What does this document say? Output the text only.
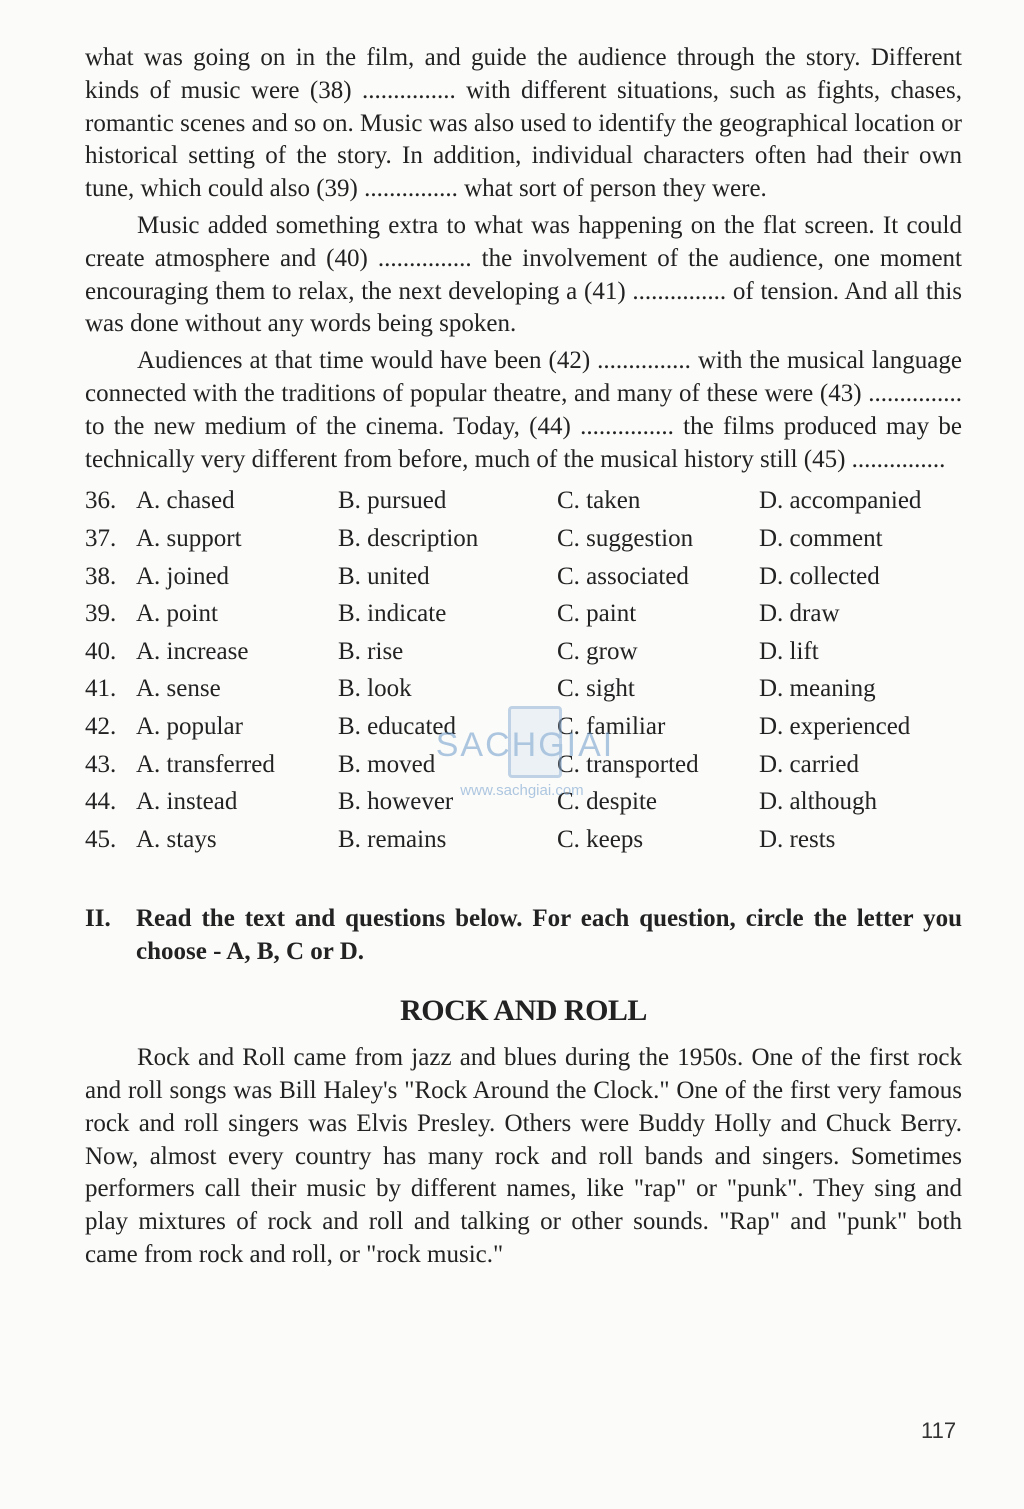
what was going on in the film, and guide the audience through the story. Different kinds of music were (38) ............... with different situations, such as fights, chases, romantic scenes and so on. Music was also used to identify the geographical location or historical setting of the story. In addition, individual characters often had their own tune, which could also (39) ............... what sort of person they were.

Music added something extra to what was happening on the flat screen. It could create atmosphere and (40) ............... the involvement of the audience, one moment encouraging them to relax, the next developing a (41) ............... of tension. And all this was done without any words being spoken.

Audiences at that time would have been (42) ............... with the musical language connected with the traditions of popular theatre, and many of these were (43) ............... to the new medium of the cinema. Today, (44) ............... the films produced may be technically very different from before, much of the musical history still (45) ...............

36. A. chased	B. pursued	C. taken	D. accompanied
37. A. support	B. description	C. suggestion	D. comment
38. A. joined	B. united	C. associated	D. collected
39. A. point	B. indicate	C. paint	D. draw
40. A. increase	B. rise	C. grow	D. lift
41. A. sense	B. look	C. sight	D. meaning
42. A. popular	B. educated	C. familiar	D. experienced
43. A. transferred	B. moved	C. transported D. carried
44. A. instead	B. however	C. despite	D. although
45. A. stays	B. remains	C. keeps	D. rests
II.	Read the text and questions below. For each question, circle the letter you choose - A, B, C or D.
ROCK AND ROLL

Rock and Roll came from jazz and blues during the 1950s. One of the first rock and roll songs was Bill Haley's "Rock Around the Clock." One of the first very famous rock and roll singers was Elvis Presley. Others were Buddy Holly and Chuck Berry. Now, almost every country has many rock and roll bands and singers. Sometimes performers call their music by different names, like "rap" or "punk". They sing and play mixtures of rock and roll and talking or other sounds. "Rap" and "punk" both came from rock and roll, or "rock music."

SACHGIAI
www.sachgiai.com
117
